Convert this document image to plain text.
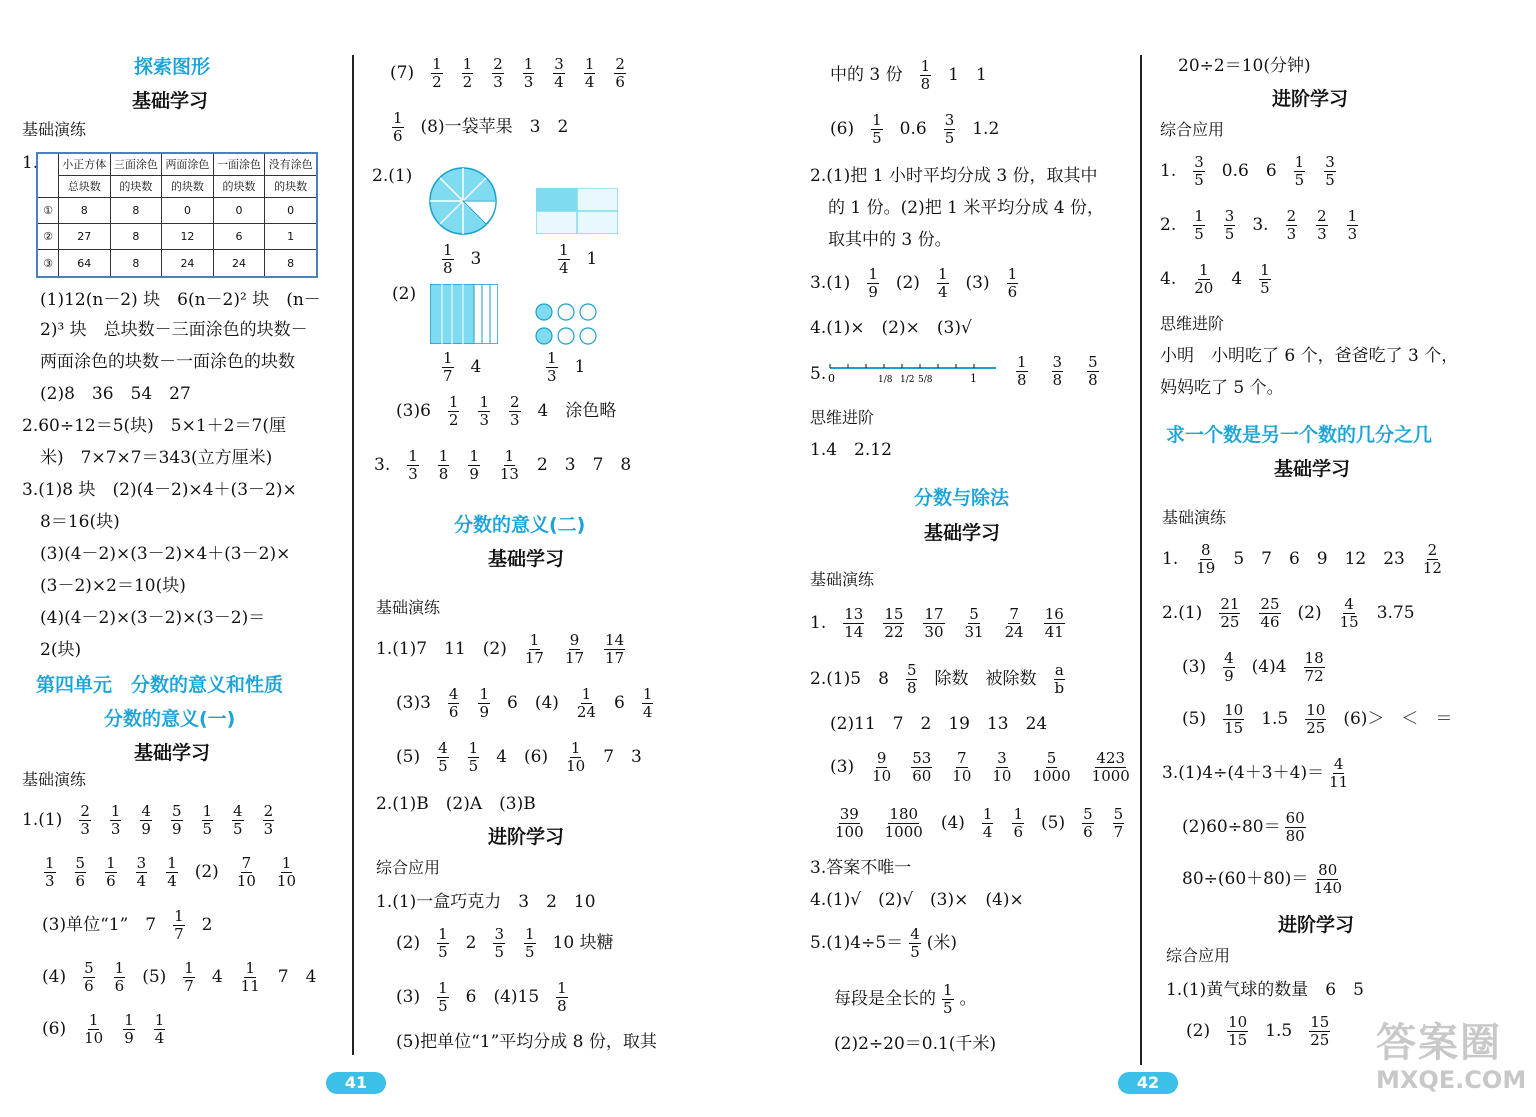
探索图形
基础学习
基础演练
1.
	小正方体	三面涂色	两面涂色	一面涂色	没有涂色
	总块数	的块数	的块数	的块数	的块数
①	8	8	0	0	0
②	27	8	12	6	1
③	64	8	24	24	8
(1)12(n－2) 块　6(n－2)² 块　(n－
2)³ 块　总块数－三面涂色的块数－
两面涂色的块数－一面涂色的块数
(2)8　36　54　27
2.60÷12＝5(块)　5×1＋2＝7(厘
米)　7×7×7＝343(立方厘米)
3.(1)8 块　(2)(4－2)×4＋(3－2)×
8＝16(块)
(3)(4－2)×(3－2)×4＋(3－2)×
(3－2)×2＝10(块)
(4)(4－2)×(3－2)×(3－2)＝
2(块)
第四单元　分数的意义和性质
分数的意义(一)
基础学习
基础演练
$1.(1) \frac{2}{3} \frac{1}{3} \frac{4}{9} \frac{5}{9} \frac{1}{5} \frac{4}{5} \frac{2}{3}$
$\frac{1}{3} \frac{5}{6} \frac{1}{6} \frac{3}{4} \frac{1}{4} (2) \frac{7}{10} \frac{1}{10}$
(3)单位“1”　$7 \frac{1}{7} 2$
$(4) \frac{5}{6} \frac{1}{6} (5) \frac{1}{7} 4 \frac{1}{11} 7$　4
$(6) \frac{1}{10} \frac{1}{9} \frac{1}{4}$
41
$(7) \frac{1}{2} \frac{1}{2} \frac{2}{3} \frac{1}{3} \frac{3}{4} \frac{1}{4} \frac{2}{6}$
$\frac{1}{6} (8)$一袋苹果　3　2
2.(1)
$\frac{1}{8} 3$	$\frac{1}{4} 1$
(2)
$\frac{1}{7} 4$	$\frac{1}{3} 1$
$(3)6 \frac{1}{2} \frac{1}{3} \frac{2}{3} 4$　涂色略
3. $\frac{1}{3} \frac{1}{8} \frac{1}{9} \frac{1}{13} 2$　3　7　8
分数的意义(二)
基础学习
基础演练
1.(1)7　11　$(2) \frac{1}{17} \frac{9}{17} \frac{14}{17}$
$(3)3 \frac{4}{6} \frac{1}{9} 6$　$(4) \frac{1}{24} 6 \frac{1}{4}$
$(5) \frac{4}{5} \frac{1}{5} 4$　$(6) \frac{1}{10} 7$　3
2.(1)B　(2)A　(3)B
进阶学习
综合应用
1.(1)一盒巧克力　3　2　10
$(2) \frac{1}{5} 2 \frac{3}{5} \frac{1}{5} 10$ 块糖
$(3) \frac{1}{5} 6$　$(4)15 \frac{1}{8}$
(5)把单位“1”平均分成 8 份，取其
中的 3 份 $\frac{1}{8} 1$　1
$(6) \frac{1}{5} 0.6 \frac{3}{5} 1.2$
2.(1)把 1 小时平均分成 3 份，取其中
的 1 份。(2)把 1 米平均分成 4 份，
取其中的 3 份。
$3.(1) \frac{1}{9} (2) \frac{1}{4} (3) \frac{1}{6}$
4.(1)×　(2)×　(3)√
5. 0	1
1/8 1/2 5/8	$\frac{1}{8} \frac{3}{8} \frac{5}{8}$
思维进阶
1.4　2.12
分数与除法
基础学习
基础演练
1. $\frac{13}{14} \frac{15}{22} \frac{17}{30} \frac{5}{31} \frac{7}{24} \frac{16}{41}$
2.(1)5　$8 \frac{5}{8}$ 除数　被除数 $\frac{a}{b}$
(2)11　7　2　19　13　24
$(3) \frac{9}{10} \frac{53}{60} \frac{7}{10} \frac{3}{10} \frac{5}{1000} \frac{423}{1000}$
$\frac{39}{100} \frac{180}{1000} (4) \frac{1}{4} \frac{1}{6} (5) \frac{5}{6} \frac{5}{7}$
3.答案不唯一
4.(1)√　(2)√　(3)×　(4)×
$5.(1)4\div 5= \frac{4}{5}$ (米)
每段是全长的 $\frac{1}{5}$ 。
(2)2÷20＝0.1(千米)
42
20÷2＝10(分钟)
进阶学习
综合应用
1. $\frac{3}{5} 0.6$　$6 \frac{1}{5} \frac{3}{5}$
2. $\frac{1}{5} \frac{3}{5} 3$. $\frac{2}{3} \frac{2}{3} \frac{1}{3}$
4. $\frac{1}{20} 4 \frac{1}{5}$
思维进阶
小明　小明吃了 6 个，爸爸吃了 3 个，
妈妈吃了 5 个。
求一个数是另一个数的几分之几
基础学习
基础演练
1. $\frac{8}{19} 5$　7　6　9　12　$23 \frac{2}{12}$
$2.(1) \frac{21}{25} \frac{25}{46} (2) \frac{4}{15} 3.75$
$(3) \frac{4}{9} (4)4 \frac{18}{72}$
$(5) \frac{10}{15} 1.5 \frac{10}{25} (6)>$　＜　＝
$3.(1)4\div(4+3+4)= \frac{4}{11}$
$(2)60\div 80= \frac{60}{80}$
$80\div(60+80)= \frac{80}{140}$
进阶学习
综合应用
1.(1)黄气球的数量　6　5
$(2) \frac{10}{15} 1.5 \frac{15}{25}$ 答案圈
MXQE.COM
